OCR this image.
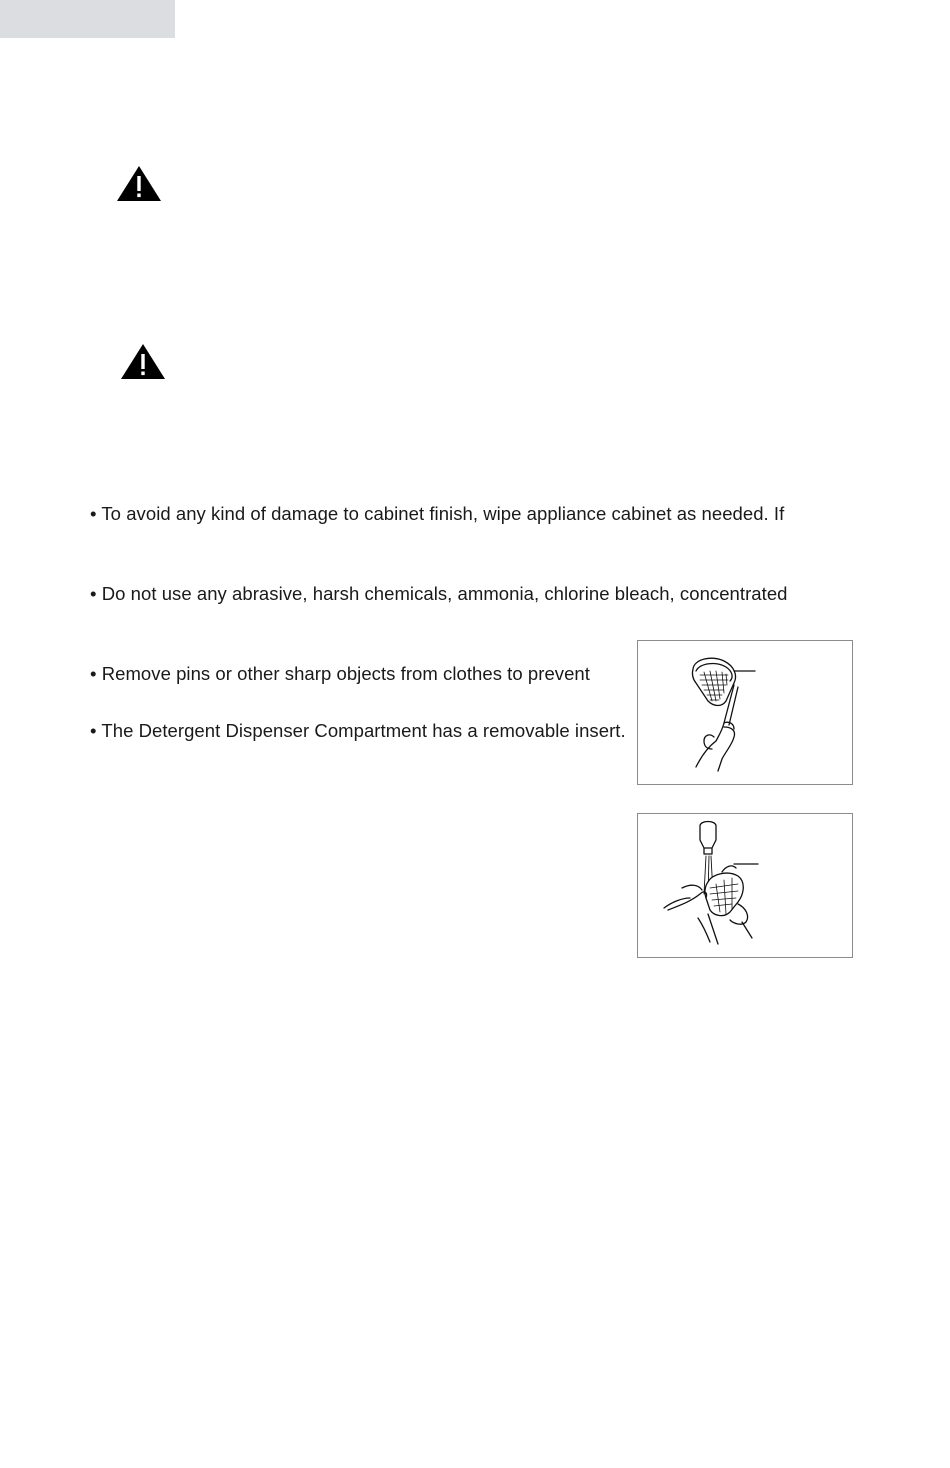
• To avoid any kind of damage to cabinet finish, wipe appliance cabinet as needed. If
• Do not use any abrasive, harsh chemicals, ammonia, chlorine bleach, concentrated
• Remove pins or other sharp objects from clothes to prevent
• The Detergent Dispenser Compartment has a removable insert.
